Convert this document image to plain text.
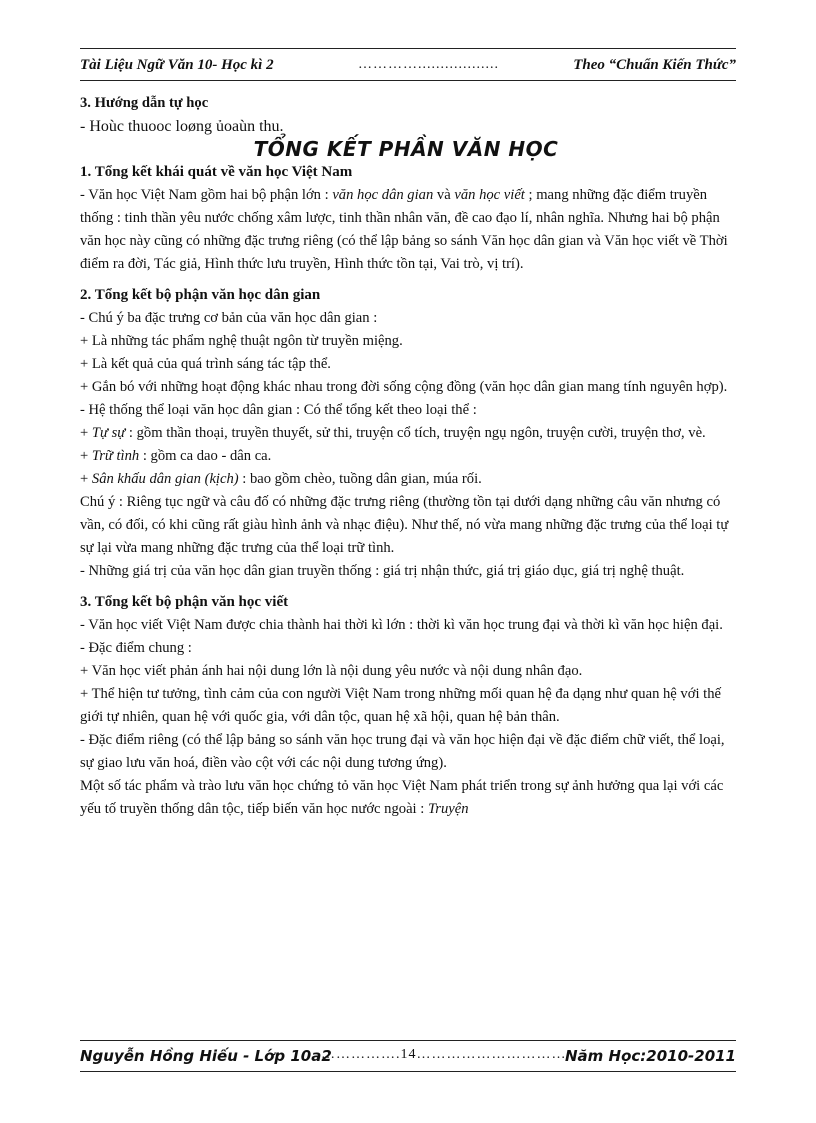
Tài Liệu Ngữ Văn 10- Học kì 2	…………..................	Theo “Chuẩn Kiến Thức”

3. Hướng dẫn tự học

- Hoùc thuooc loøng ủoaùn thu.

TỔNG KẾT PHẦN VĂN HỌC

1. Tổng kết khái quát về văn học Việt Nam

- Văn học Việt Nam gồm hai bộ phận lớn : văn học dân gian và văn học viết ; mang những đặc điểm truyền thống : tinh thần yêu nước chống xâm lược, tinh thần nhân văn, đề cao đạo lí, nhân nghĩa. Nhưng hai bộ phận văn học này cũng có những đặc trưng riêng (có thể lập bảng so sánh Văn học dân gian và Văn học viết về Thời điểm ra đời, Tác giả, Hình thức lưu truyền, Hình thức tồn tại, Vai trò, vị trí).

2. Tổng kết bộ phận văn học dân gian

- Chú ý ba đặc trưng cơ bản của văn học dân gian :

+ Là những tác phẩm nghệ thuật ngôn từ truyền miệng.

+ Là kết quả của quá trình sáng tác tập thể.

+ Gắn bó với những hoạt động khác nhau trong đời sống cộng đồng (văn học dân gian mang tính nguyên hợp).

- Hệ thống thể loại văn học dân gian : Có thể tổng kết theo loại thể :

+ Tự sự : gồm thần thoại, truyền thuyết, sử thi, truyện cổ tích, truyện ngụ ngôn, truyện cười, truyện thơ, vè.

+ Trữ tình : gồm ca dao - dân ca.

+ Sân khấu dân gian (kịch) : bao gồm chèo, tuồng dân gian, múa rối.

Chú ý : Riêng tục ngữ và câu đố có những đặc trưng riêng (thường tồn tại dưới dạng những câu văn nhưng có vần, có đối, có khi cũng rất giàu hình ảnh và nhạc điệu). Như thế, nó vừa mang những đặc trưng của thể loại tự sự lại vừa mang những đặc trưng của thể loại trữ tình.

- Những giá trị của văn học dân gian truyền thống : giá trị nhận thức, giá trị giáo dục, giá trị nghệ thuật.

3. Tổng kết bộ phận văn học viết

- Văn học viết Việt Nam được chia thành hai thời kì lớn : thời kì văn học trung đại và thời kì văn học hiện đại.

- Đặc điểm chung :

+ Văn học viết phản ánh hai nội dung lớn là nội dung yêu nước và nội dung nhân đạo.

+ Thể hiện tư tưởng, tình cảm của con người Việt Nam trong những mối quan hệ đa dạng như quan hệ với thế giới tự nhiên, quan hệ với quốc gia, với dân tộc, quan hệ xã hội, quan hệ bản thân.

- Đặc điểm riêng (có thể lập bảng so sánh văn học trung đại và văn học hiện đại về đặc điểm chữ viết, thể loại, sự giao lưu văn hoá, điền vào cột với các nội dung tương ứng).

Một số tác phẩm và trào lưu văn học chứng tỏ văn học Việt Nam phát triển trong sự ảnh hưởng qua lại với các yếu tố truyền thống dân tộc, tiếp biến văn học nước ngoài : Truyện

Nguyễn Hồng Hiếu - Lớp 10a2
……………….14…………………………
Năm Học:2010-2011
